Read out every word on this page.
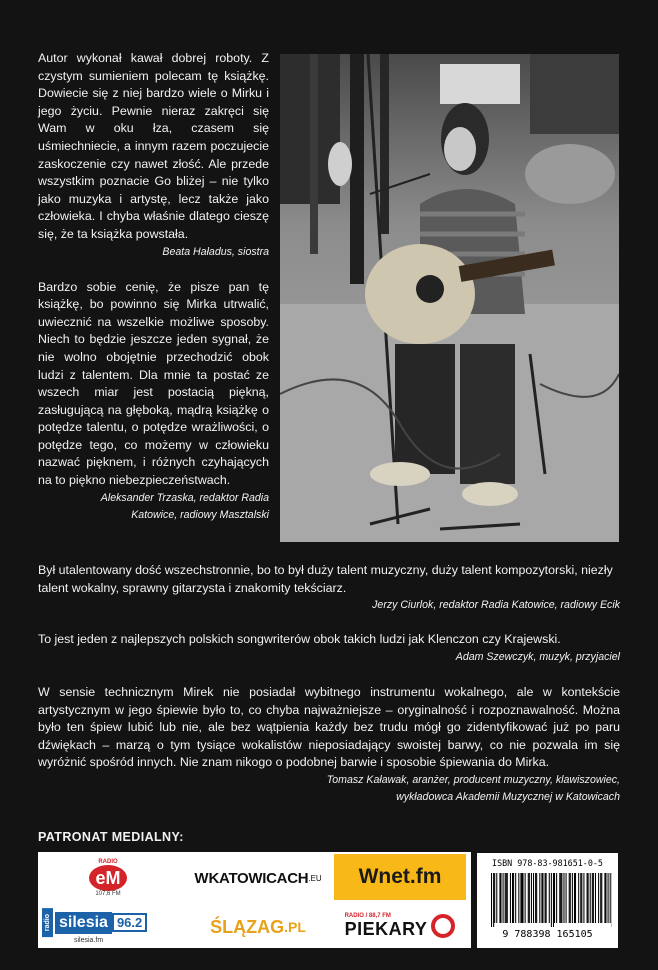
Autor wykonał kawał dobrej roboty. Z czystym sumieniem polecam tę książkę. Dowiecie się z niej bardzo wiele o Mirku i jego życiu. Pewnie nieraz zakręci się Wam w oku łza, czasem się uśmiechniecie, a innym razem poczujecie zaskoczenie czy nawet złość. Ale przede wszystkim poznacie Go bliżej – nie tylko jako muzyka i artystę, lecz także jako człowieka. I chyba właśnie dlatego cieszę się, że ta książka powstała.

Beata Haładus, siostra

Bardzo sobie cenię, że pisze pan tę książkę, bo powinno się Mirka utrwalić, uwiecznić na wszelkie możliwe sposoby. Niech to będzie jeszcze jeden sygnał, że nie wolno obojętnie przechodzić obok ludzi z talentem. Dla mnie ta postać ze wszech miar jest postacią piękną, zasługującą na głęboką, mądrą książkę o potędze talentu, o potędze wrażliwości, o potędze tego, co możemy w człowieku nazwać pięknem, i różnych czyhających na to piękno niebezpieczeństwach.

Aleksander Trzaska, redaktor Radia

Katowice, radiowy Masztalski

Był utalentowany dość wszechstronnie, bo to był duży talent muzyczny, duży talent kompozytorski, niezły talent wokalny, sprawny gitarzysta i znakomity tekściarz.

Jerzy Ciurlok, redaktor Radia Katowice, radiowy Ecik

To jest jeden z najlepszych polskich songwriterów obok takich ludzi jak Klenczon czy Krajewski.

Adam Szewczyk, muzyk, przyjaciel

W sensie technicznym Mirek nie posiadał wybitnego instrumentu wokalnego, ale w kontekście artystycznym w jego śpiewie było to, co chyba najważniejsze – oryginalność i rozpoznawalność. Można było ten śpiew lubić lub nie, ale bez wątpienia każdy bez trudu mógł go zidentyfikować już po paru dźwiękach – marzą o tym tysiące wokalistów nieposiadający swoistej barwy, co nie pozwala im się wyróżnić spośród innych. Nie znam nikogo o podobnej barwie i sposobie śpiewania do Mirka.

Tomasz Kaławak, aranżer, producent muzyczny, klawiszowiec,

wykładowca Akademii Muzycznej w Katowicach

PATRONAT MEDIALNY:
RADIO
eM
107,6 FM
W KATOWICACH .EU Wnet.fm
radio silesia 96.2
silesia.fm
ŚLĄZAG .PL
RADIO / 88,7 FM
PIEKARY
ISBN 978-83-981651-0-5
9 788398 165105
